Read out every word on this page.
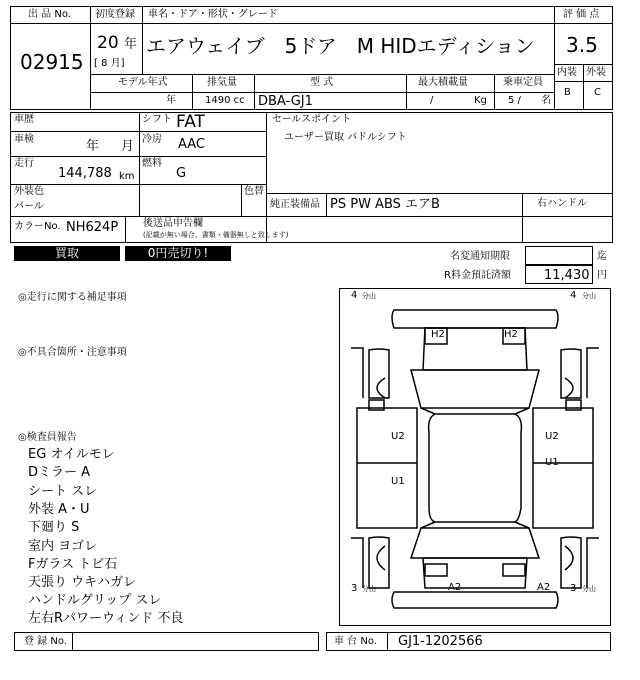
出 品 No.
02915
初度登録
20 年
[ 8 月]
車名・ドア・形状・グレード
エアウェイブ　5ドア　M HIDエディション
評 価 点
3.5
内装 外装
B C
モデル年式
年
排気量
1490 cc
型 式
DBA-GJ1
最大積載量
/	Kg
乗車定員
5 / 名
車歴	シフト FAT
車検	年 月 冷房 AAC
走行
144,788 km
燃料
G
外装色
パール
色替
カラーNo. NH624P 後送品申告欄
(記載が無い場合、書類・備器無しと致します)
セールスポイント
ユーザー買取 パドルシフト
純正装備品 PS PW ABS エアB	右ハンドル
買取	0円売切り!	名変通知期限	迄
R料金預託済額	11,430 円
◎走行に関する補足事項
◎不具合箇所・注意事項
◎検査員報告
EG オイルモレ
Dミラー A
シート スレ
外装 A・U
下廻り S
室内 ヨゴレ
Fガラス トビ石
天張り ウキハガレ
ハンドルグリップ スレ
左右Rパワーウィンド 不良
4 分山	4 分山
3 分山	3 分山
H2	H2
U2	U2
U1
U1
A2	A2
登 録 No.	車 台 No. GJ1-1202566
